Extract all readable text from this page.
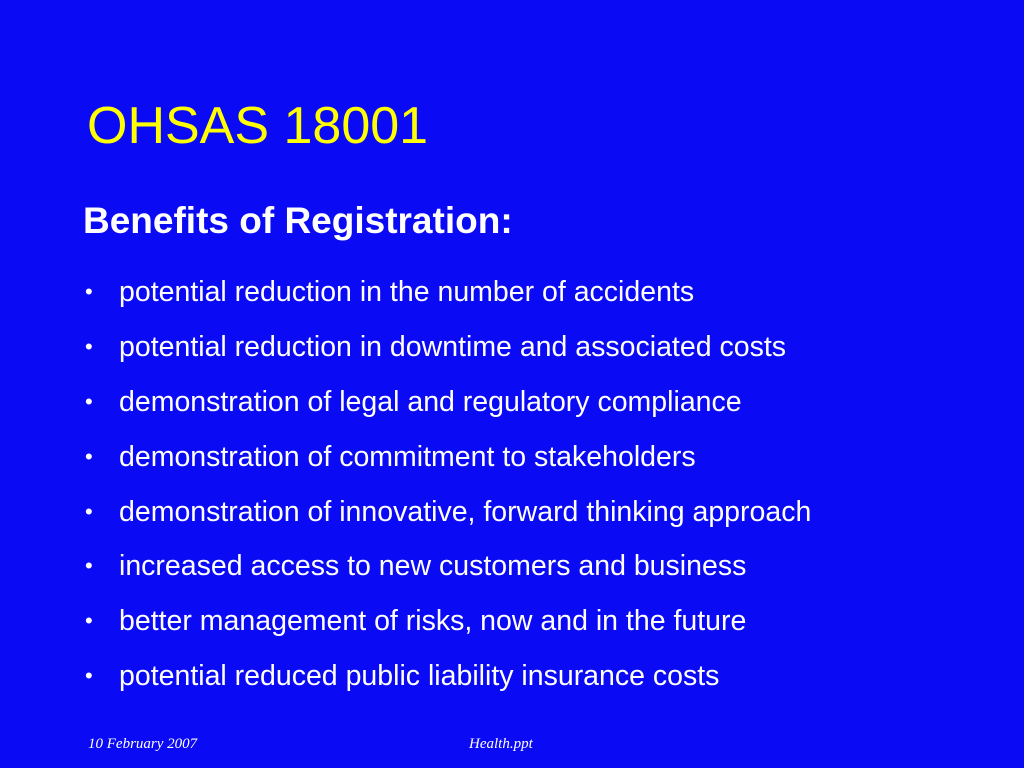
OHSAS 18001
Benefits of Registration:
• potential reduction in the number of accidents
• potential reduction in downtime and associated costs
• demonstration of legal and regulatory compliance
• demonstration of commitment to stakeholders
• demonstration of innovative, forward thinking approach
• increased access to new customers and business
• better management of risks, now and in the future
• potential reduced public liability insurance costs
10 February 2007	Health.ppt
